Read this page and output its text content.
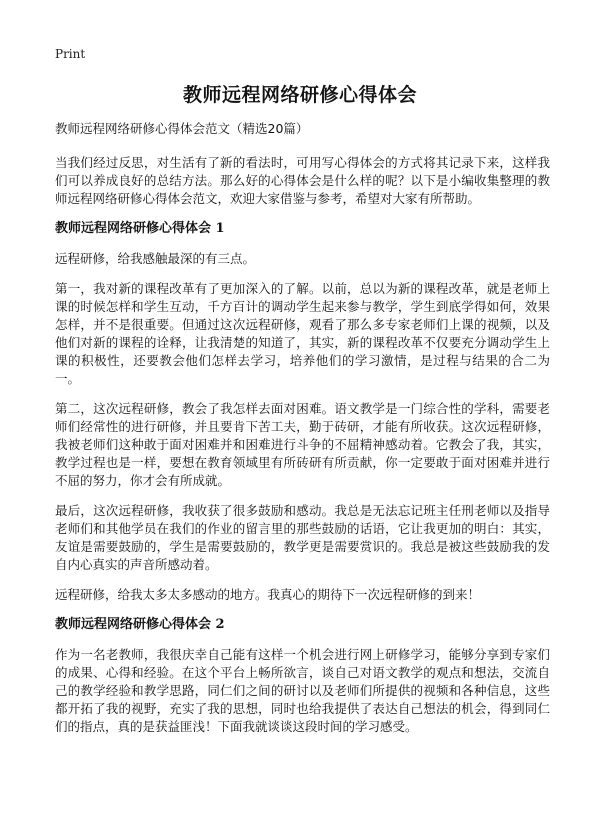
Print
教师远程网络研修心得体会

教师远程网络研修心得体会范文（精选20篇）

当我们经过反思，对生活有了新的看法时，可用写心得体会的方式将其记录下来，这样我们可以养成良好的总结方法。那么好的心得体会是什么样的呢？以下是小编收集整理的教师远程网络研修心得体会范文，欢迎大家借鉴与参考，希望对大家有所帮助。

教师远程网络研修心得体会 1

远程研修，给我感触最深的有三点。

第一，我对新的课程改革有了更加深入的了解。以前，总以为新的课程改革，就是老师上课的时候怎样和学生互动，千方百计的调动学生起来参与教学，学生到底学得如何，效果怎样，并不是很重要。但通过这次远程研修，观看了那么多专家老师们上课的视频，以及他们对新的课程的诠释，让我清楚的知道了，其实，新的课程改革不仅要充分调动学生上课的积极性，还要教会他们怎样去学习，培养他们的学习激情，是过程与结果的合二为一。

第二，这次远程研修，教会了我怎样去面对困难。语文教学是一门综合性的学科，需要老师们经常性的进行研修，并且要肯下苦工夫，勤于砖研，才能有所收获。这次远程研修，我被老师们这种敢于面对困难并和困难进行斗争的不屈精神感动着。它教会了我，其实，教学过程也是一样，要想在教育领域里有所砖研有所贡献，你一定要敢于面对困难并进行不屈的努力，你才会有所成就。

最后，这次远程研修，我收获了很多鼓励和感动。我总是无法忘记班主任刑老师以及指导老师们和其他学员在我们的作业的留言里的那些鼓励的话语，它让我更加的明白：其实，友谊是需要鼓励的，学生是需要鼓励的，教学更是需要赏识的。我总是被这些鼓励我的发自内心真实的声音所感动着。

远程研修，给我太多太多感动的地方。我真心的期待下一次远程研修的到来！

教师远程网络研修心得体会 2

作为一名老教师，我很庆幸自己能有这样一个机会进行网上研修学习，能够分享到专家们的成果、心得和经验。在这个平台上畅所欲言，谈自己对语文教学的观点和想法，交流自己的教学经验和教学思路，同仁们之间的研讨以及老师们所提供的视频和各种信息，这些都开拓了我的视野，充实了我的思想，同时也给我提供了表达自己想法的机会，得到同仁们的指点，真的是获益匪浅！下面我就谈谈这段时间的学习感受。
